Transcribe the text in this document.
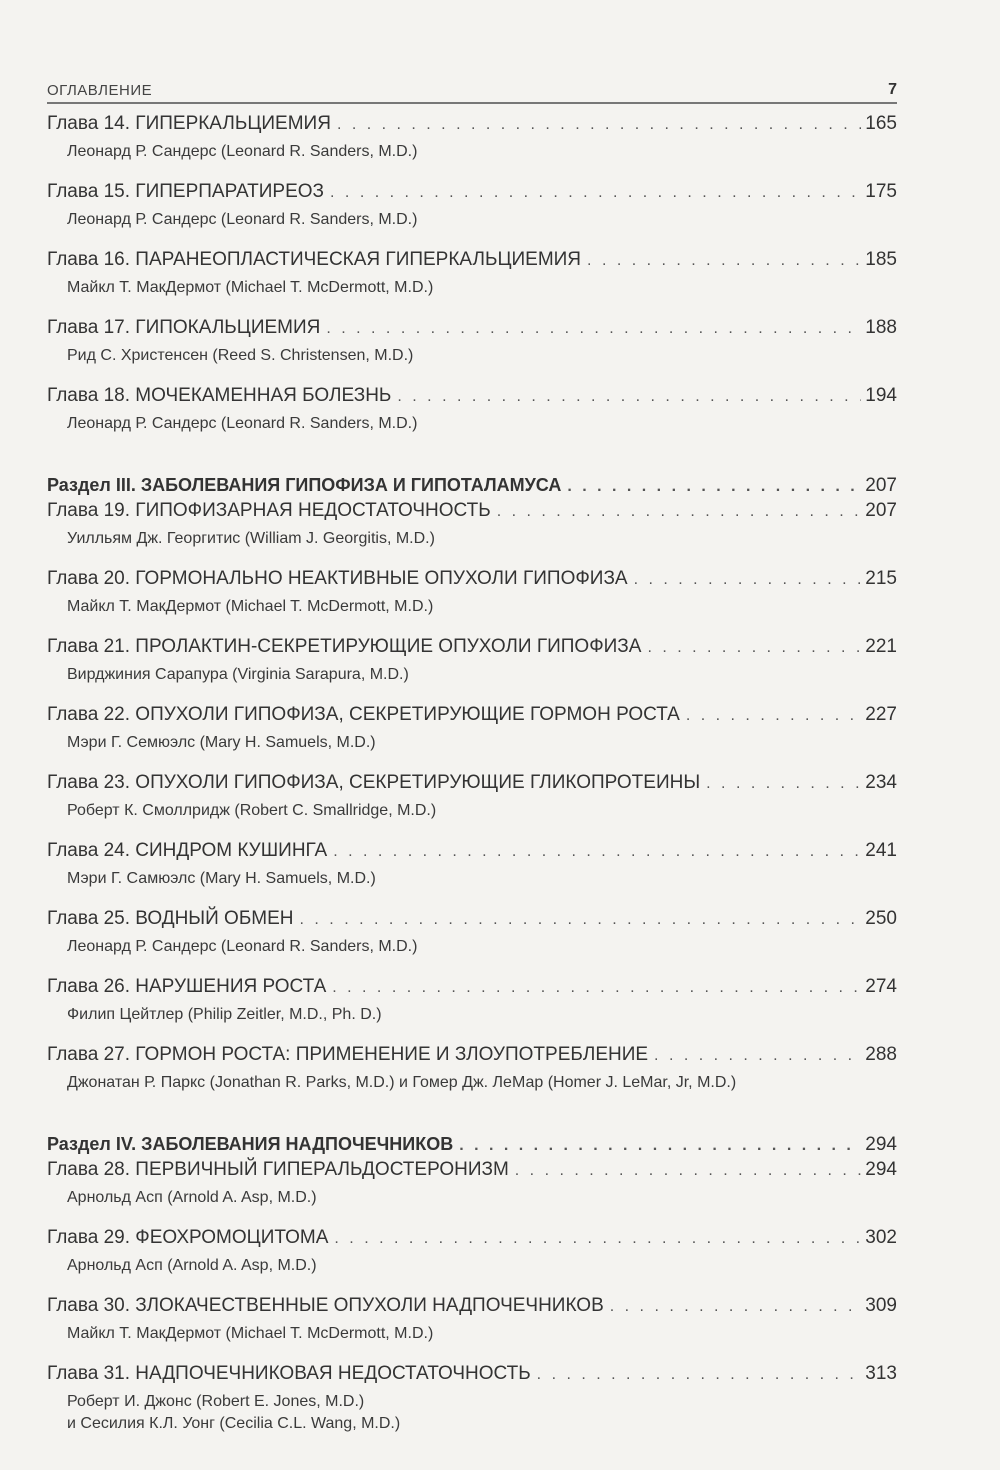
ОГЛАВЛЕНИЕ	7
Глава 14. ГИПЕРКАЛЬЦИЕМИЯ . . .	165
Леонард Р. Сандерс (Leonard R. Sanders, M.D.)
Глава 15. ГИПЕРПАРАТИРЕОЗ . . .	175
Леонард Р. Сандерс (Leonard R. Sanders, M.D.)
Глава 16. ПАРАНЕОПЛАСТИЧЕСКАЯ ГИПЕРКАЛЬЦИЕМИЯ . . .	185
Майкл Т. МакДермот (Michael T. McDermott, M.D.)
Глава 17. ГИПОКАЛЬЦИЕМИЯ . . .	188
Рид С. Христенсен (Reed S. Christensen, M.D.)
Глава 18. МОЧЕКАМЕННАЯ БОЛЕЗНЬ . . .	194
Леонард Р. Сандерс (Leonard R. Sanders, M.D.)
Раздел III. ЗАБОЛЕВАНИЯ ГИПОФИЗА И ГИПОТАЛАМУСА . . .	207
Глава 19. ГИПОФИЗАРНАЯ НЕДОСТАТОЧНОСТЬ . . .	207
Уилльям Дж. Георгитис (William J. Georgitis, M.D.)
Глава 20. ГОРМОНАЛЬНО НЕАКТИВНЫЕ ОПУХОЛИ ГИПОФИЗА . . .	215
Майкл Т. МакДермот (Michael T. McDermott, M.D.)
Глава 21. ПРОЛАКТИН-СЕКРЕТИРУЮЩИЕ ОПУХОЛИ ГИПОФИЗА . . .	221
Вирджиния Сарапура (Virginia Sarapura, M.D.)
Глава 22. ОПУХОЛИ ГИПОФИЗА, СЕКРЕТИРУЮЩИЕ ГОРМОН РОСТА . . .	227
Мэри Г. Семюэлс (Mary H. Samuels, M.D.)
Глава 23. ОПУХОЛИ ГИПОФИЗА, СЕКРЕТИРУЮЩИЕ ГЛИКОПРОТЕИНЫ . . .	234
Роберт К. Смоллридж (Robert C. Smallridge, M.D.)
Глава 24. СИНДРОМ КУШИНГА . . .	241
Мэри Г. Самюэлс (Mary H. Samuels, M.D.)
Глава 25. ВОДНЫЙ ОБМЕН . . .	250
Леонард Р. Сандерс (Leonard R. Sanders, M.D.)
Глава 26. НАРУШЕНИЯ РОСТА . . .	274
Филип Цейтлер (Philip Zeitler, M.D., Ph. D.)
Глава 27. ГОРМОН РОСТА: ПРИМЕНЕНИЕ И ЗЛОУПОТРЕБЛЕНИЕ . . .	288
Джонатан Р. Паркс (Jonathan R. Parks, M.D.) и Гомер Дж. ЛеМар (Homer J. LeMar, Jr, M.D.)
Раздел IV. ЗАБОЛЕВАНИЯ НАДПОЧЕЧНИКОВ . . .	294
Глава 28. ПЕРВИЧНЫЙ ГИПЕРАЛЬДОСТЕРОНИЗМ . . .	294
Арнольд Асп (Arnold A. Asp, M.D.)
Глава 29. ФЕОХРОМОЦИТОМА . . .	302
Арнольд Асп (Arnold A. Asp, M.D.)
Глава 30. ЗЛОКАЧЕСТВЕННЫЕ ОПУХОЛИ НАДПОЧЕЧНИКОВ . . .	309
Майкл Т. МакДермот (Michael T. McDermott, M.D.)
Глава 31. НАДПОЧЕЧНИКОВАЯ НЕДОСТАТОЧНОСТЬ . . .	313
Роберт И. Джонс (Robert E. Jones, M.D.)
и Сесилия К.Л. Уонг (Cecilia C.L. Wang, M.D.)
